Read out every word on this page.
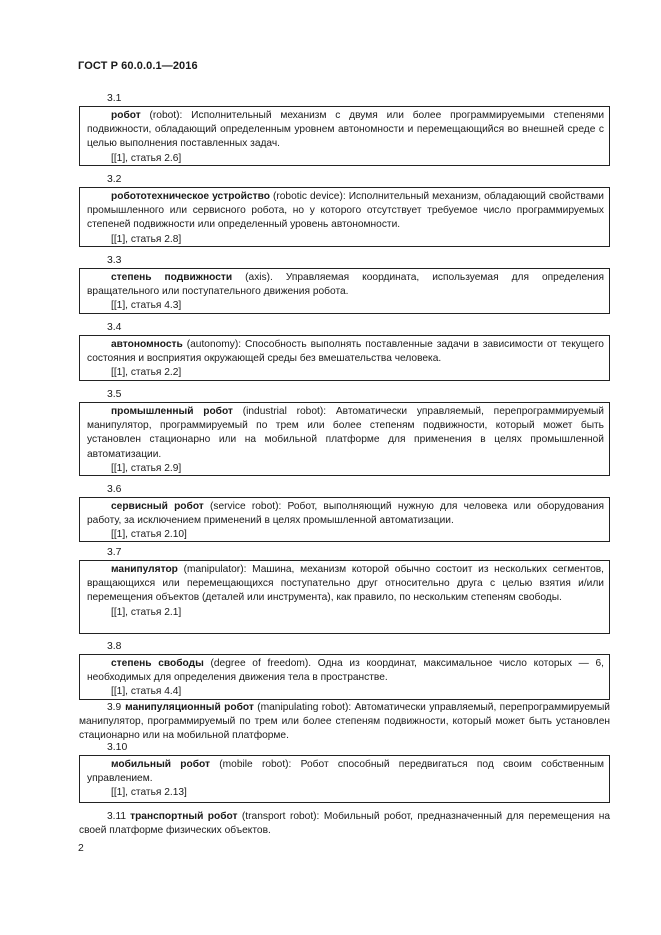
ГОСТ Р 60.0.0.1—2016
3.1

робот (robot): Исполнительный механизм с двумя или более программируемыми степенями подвижности, обладающий определенным уровнем автономности и перемещающийся во внешней среде с целью выполнения поставленных задач.

[[1], статья 2.6]

3.2

робототехническое устройство (robotic device): Исполнительный механизм, обладающий свойствами промышленного или сервисного робота, но у которого отсутствует требуемое число программируемых степеней подвижности или определенный уровень автономности.

[[1], статья 2.8]

3.3

степень подвижности (axis). Управляемая координата, используемая для определения вращательного или поступательного движения робота.

[[1], статья 4.3]

3.4

автономность (autonomy): Способность выполнять поставленные задачи в зависимости от текущего состояния и восприятия окружающей среды без вмешательства человека.

[[1], статья 2.2]

3.5

промышленный робот (industrial robot): Автоматически управляемый, перепрограммируемый манипулятор, программируемый по трем или более степеням подвижности, который может быть установлен стационарно или на мобильной платформе для применения в целях промышленной автоматизации.

[[1], статья 2.9]

3.6

сервисный робот (service robot): Робот, выполняющий нужную для человека или оборудования работу, за исключением применений в целях промышленной автоматизации.

[[1], статья 2.10]

3.7

манипулятор (manipulator): Машина, механизм которой обычно состоит из нескольких сегментов, вращающихся или перемещающихся поступательно друг относительно друга с целью взятия и/или перемещения объектов (деталей или инструмента), как правило, по нескольким степеням свободы.

[[1], статья 2.1]

3.8

степень свободы (degree of freedom). Одна из координат, максимальное число которых — 6, необходимых для определения движения тела в пространстве.

[[1], статья 4.4]

3.9 манипуляционный робот (manipulating robot): Автоматически управляемый, перепрограммируемый манипулятор, программируемый по трем или более степеням подвижности, который может быть установлен стационарно или на мобильной платформе.

3.10

мобильный робот (mobile robot): Робот способный передвигаться под своим собственным управлением.

[[1], статья 2.13]

3.11 транспортный робот (transport robot): Мобильный робот, предназначенный для перемещения на своей платформе физических объектов.

2
